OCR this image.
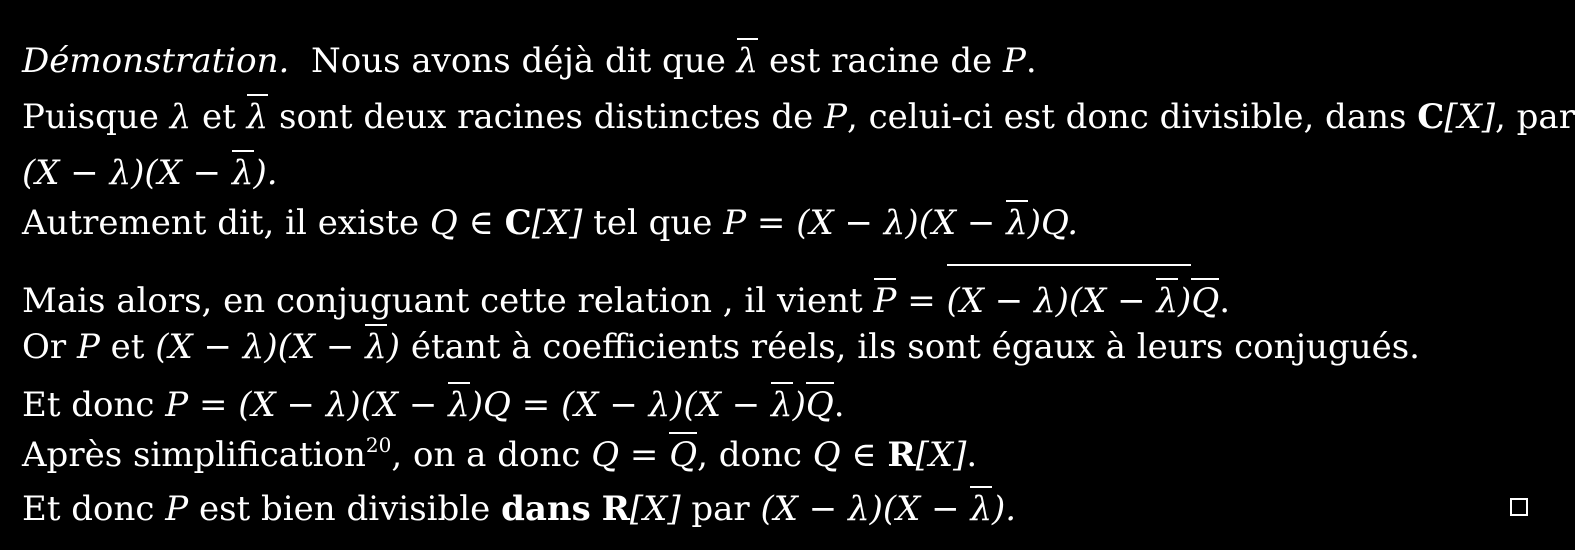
Démonstration. Nous avons déjà dit que λ est racine de P.
Puisque λ et λ sont deux racines distinctes de P, celui-ci est donc divisible, dans C[X], par
(X − λ)(X − λ).
Autrement dit, il existe Q ∈ C[X] tel que P = (X − λ)(X − λ)Q.
Mais alors, en conjuguant cette relation , il vient P = (X − λ)(X − λ)Q.
Or P et (X − λ)(X − λ) étant à coefficients réels, ils sont égaux à leurs conjugués.
Et donc P = (X − λ)(X − λ)Q = (X − λ)(X − λ)Q.
Après simplification$^{20}$, on a donc Q = Q, donc Q ∈ R[X].
Et donc P est bien divisible dans R[X] par (X − λ)(X − λ).
